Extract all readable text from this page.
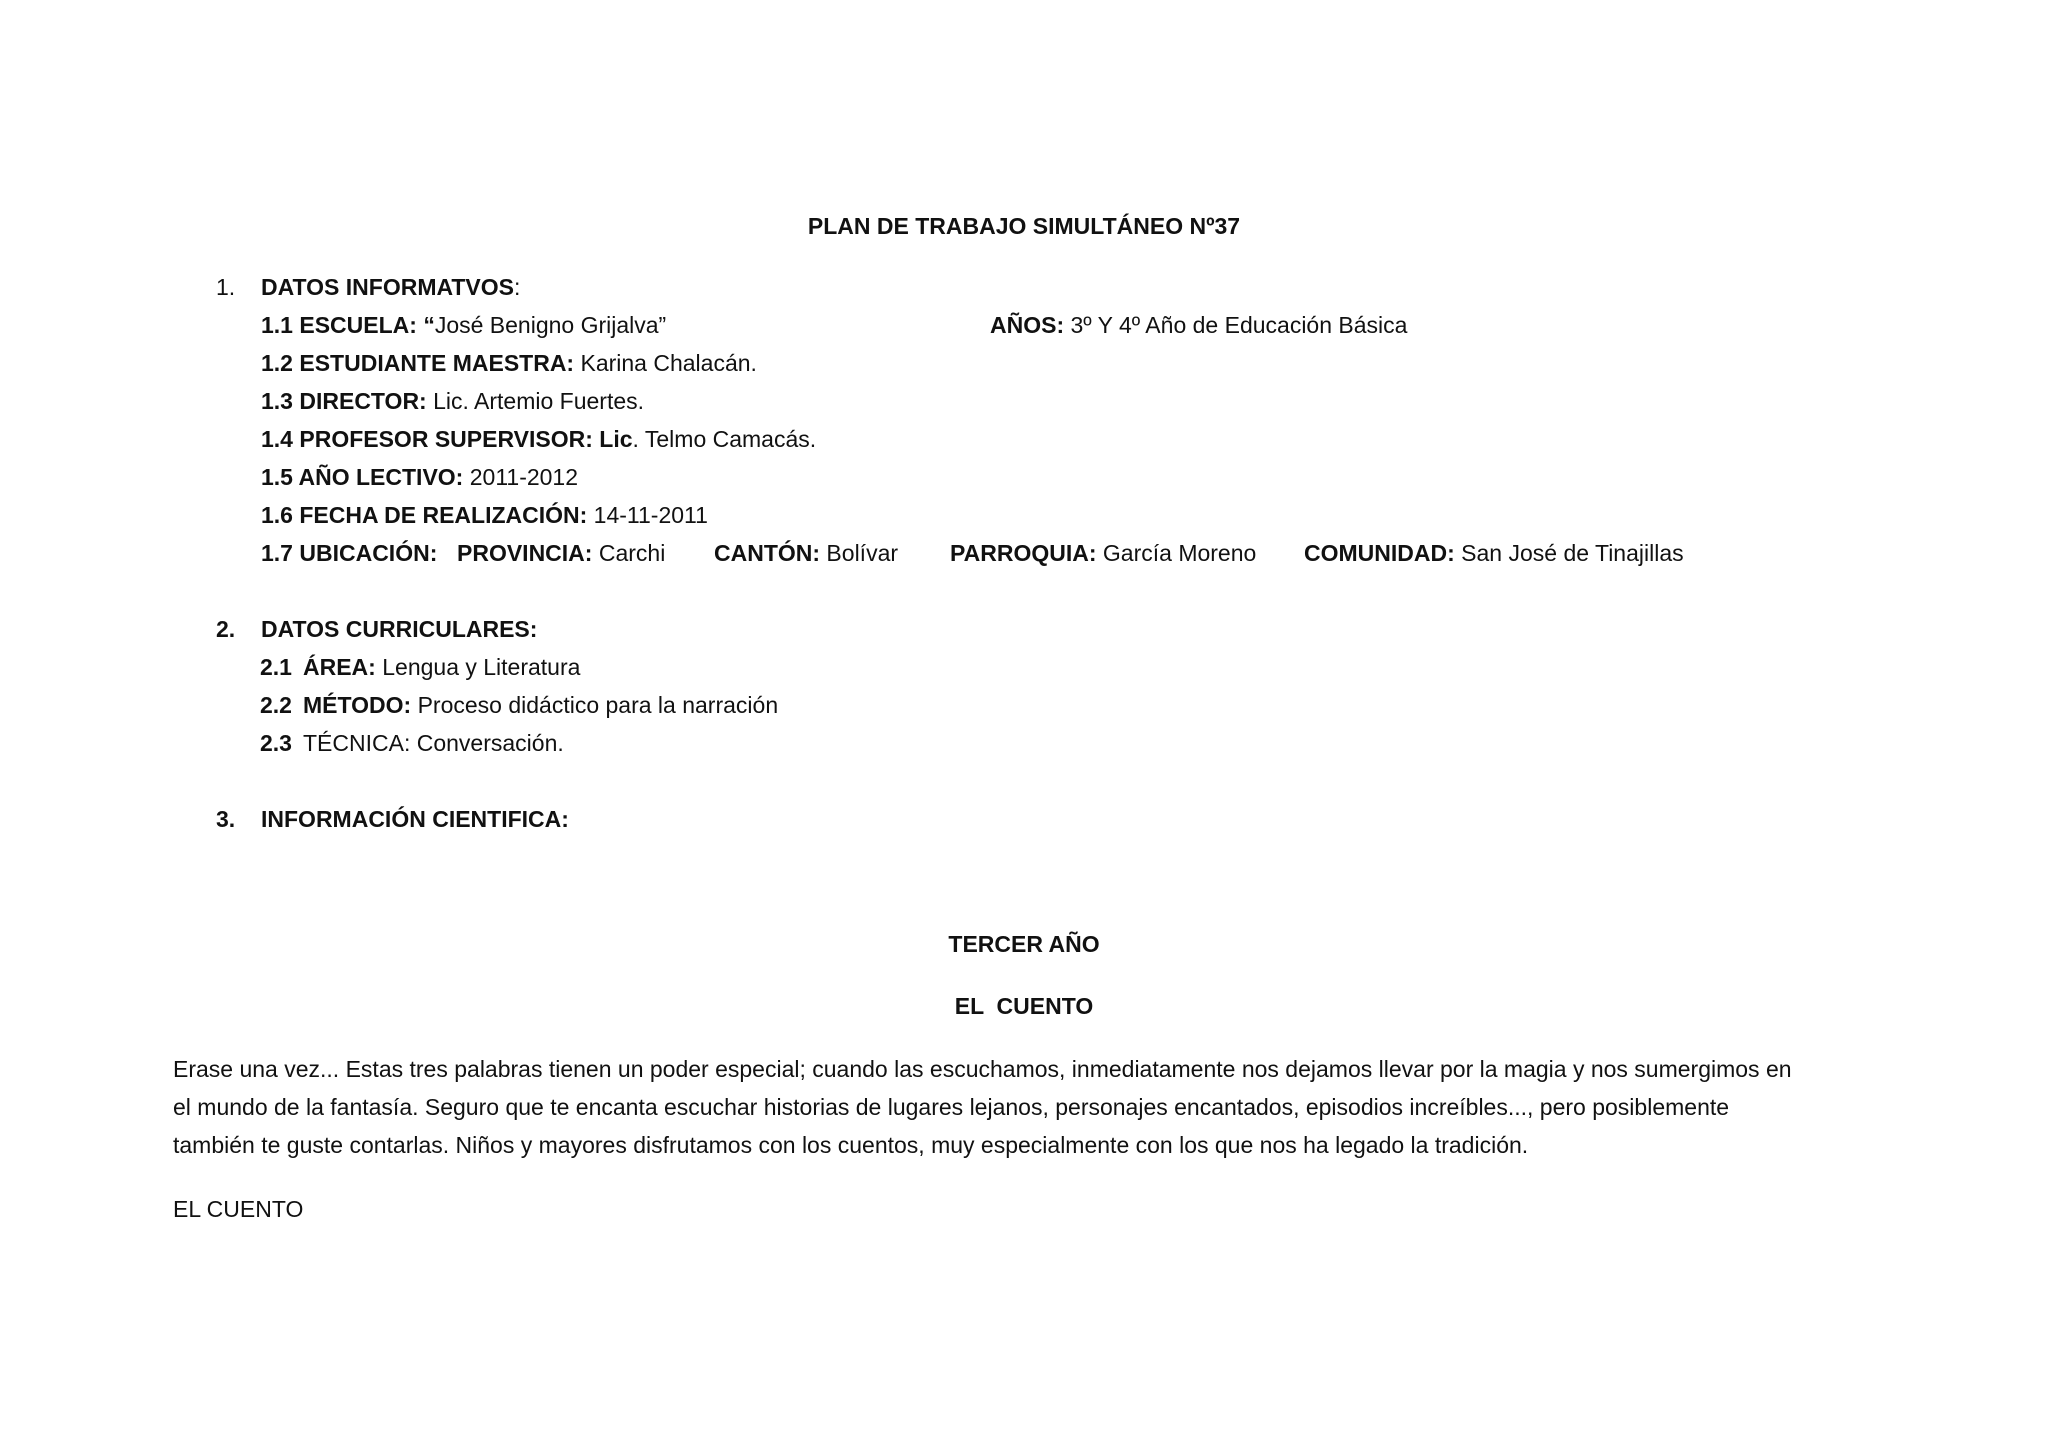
PLAN DE TRABAJO SIMULTÁNEO Nº37
1. DATOS INFORMATVOS:
1.1 ESCUELA: “José Benigno Grijalva”	AÑOS: 3º Y 4º Año de Educación Básica
1.2 ESTUDIANTE MAESTRA: Karina Chalacán.
1.3 DIRECTOR: Lic. Artemio Fuertes.
1.4 PROFESOR SUPERVISOR: Lic. Telmo Camacás.
1.5 AÑO LECTIVO: 2011-2012
1.6 FECHA DE REALIZACIÓN: 14-11-2011
1.7 UBICACIÓN: PROVINCIA: Carchi CANTÓN: Bolívar PARROQUIA: García Moreno COMUNIDAD: San José de Tinajillas
2. DATOS CURRICULARES:
2.1 ÁREA: Lengua y Literatura
2.2 MÉTODO: Proceso didáctico para la narración
2.3 TÉCNICA: Conversación.
3. INFORMACIÓN CIENTIFICA:
TERCER AÑO
EL  CUENTO
Erase una vez... Estas tres palabras tienen un poder especial; cuando las escuchamos, inmediatamente nos dejamos llevar por la magia y nos sumergimos en
el mundo de la fantasía. Seguro que te encanta escuchar historias de lugares lejanos, personajes encantados, episodios increíbles..., pero posiblemente
también te guste contarlas. Niños y mayores disfrutamos con los cuentos, muy especialmente con los que nos ha legado la tradición.
EL CUENTO
